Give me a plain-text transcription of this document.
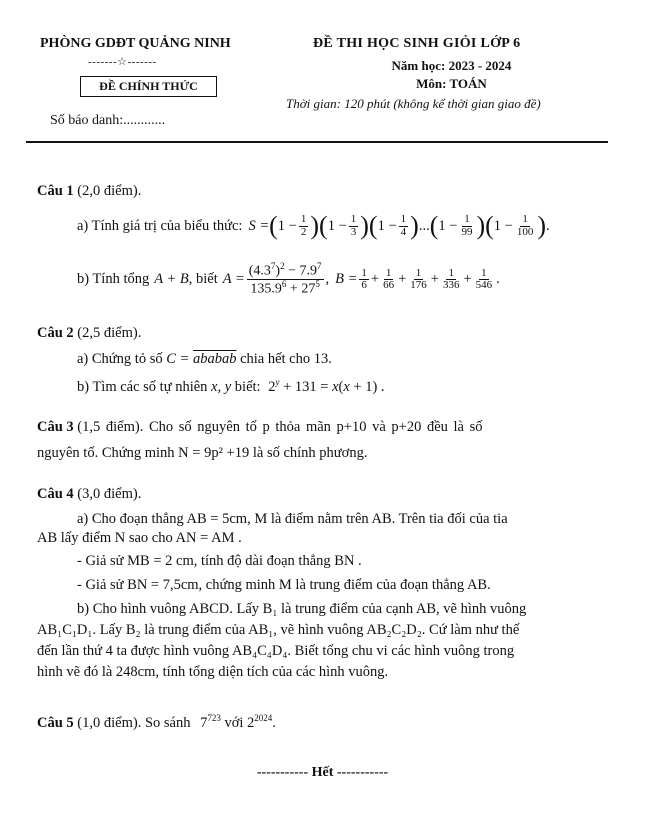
PHÒNG GDĐT QUẢNG NINH
-------☆-------
ĐỀ CHÍNH THỨC
Số báo danh:............
ĐỀ THI HỌC SINH GIỎI LỚP 6
Năm học: 2023 - 2024
Môn: TOÁN
Thời gian: 120 phút (không kể thời gian giao đề)
Câu 1 (2,0 điểm).
a) Tính giá trị của biểu thức: S = ( $1 - \frac{1}{2}$ ) ( $1 - \frac{1}{3}$ ) ( $1 - \frac{1}{4}$ ) ... ( $1 - \frac{1}{99}$ ) ( $1 - \frac{1}{100}$ ) .
b) Tính tổng A + B , biết $A = \frac{(4.3^7)^2 - 7.9^7}{135.9^6 + 27^5}$ , $B = \frac{1}{6} + \frac{1}{66} + \frac{1}{176} + \frac{1}{336} + \frac{1}{546}$ .
Câu 2 (2,5 điểm).
a) Chứng tỏ số C = ababab chia hết cho 13.
b) Tìm các số tự nhiên x, y biết: $2^y + 131 = x(x + 1)$ .
Câu 3 (1,5 điểm). Cho số nguyên tố p thỏa mãn p+10 và p+20 đều là số
nguyên tố. Chứng minh N = 9p² +19 là số chính phương.
Câu 4 (3,0 điểm).
a) Cho đoạn thẳng AB = 5cm, M là điểm nằm trên AB. Trên tia đối của tia
AB lấy điểm N sao cho AN = AM .
- Giả sử MB = 2 cm, tính độ dài đoạn thẳng BN .
- Giả sử BN = 7,5cm, chứng minh M là trung điểm của đoạn thẳng AB.
b) Cho hình vuông ABCD. Lấy B₁ là trung điểm của cạnh AB, vẽ hình vuông
AB₁C₁D₁. Lấy B₂ là trung điểm của AB₁, vẽ hình vuông AB₂C₂D₂. Cứ làm như thế
đến lần thứ 4 ta được hình vuông AB₄C₄D₄. Biết tổng chu vi các hình vuông trong
hình vẽ đó là 248cm, tính tổng diện tích của các hình vuông.
Câu 5 (1,0 điểm). So sánh $7^{723}$ với $2^{2024}$.
----------- Hết -----------
